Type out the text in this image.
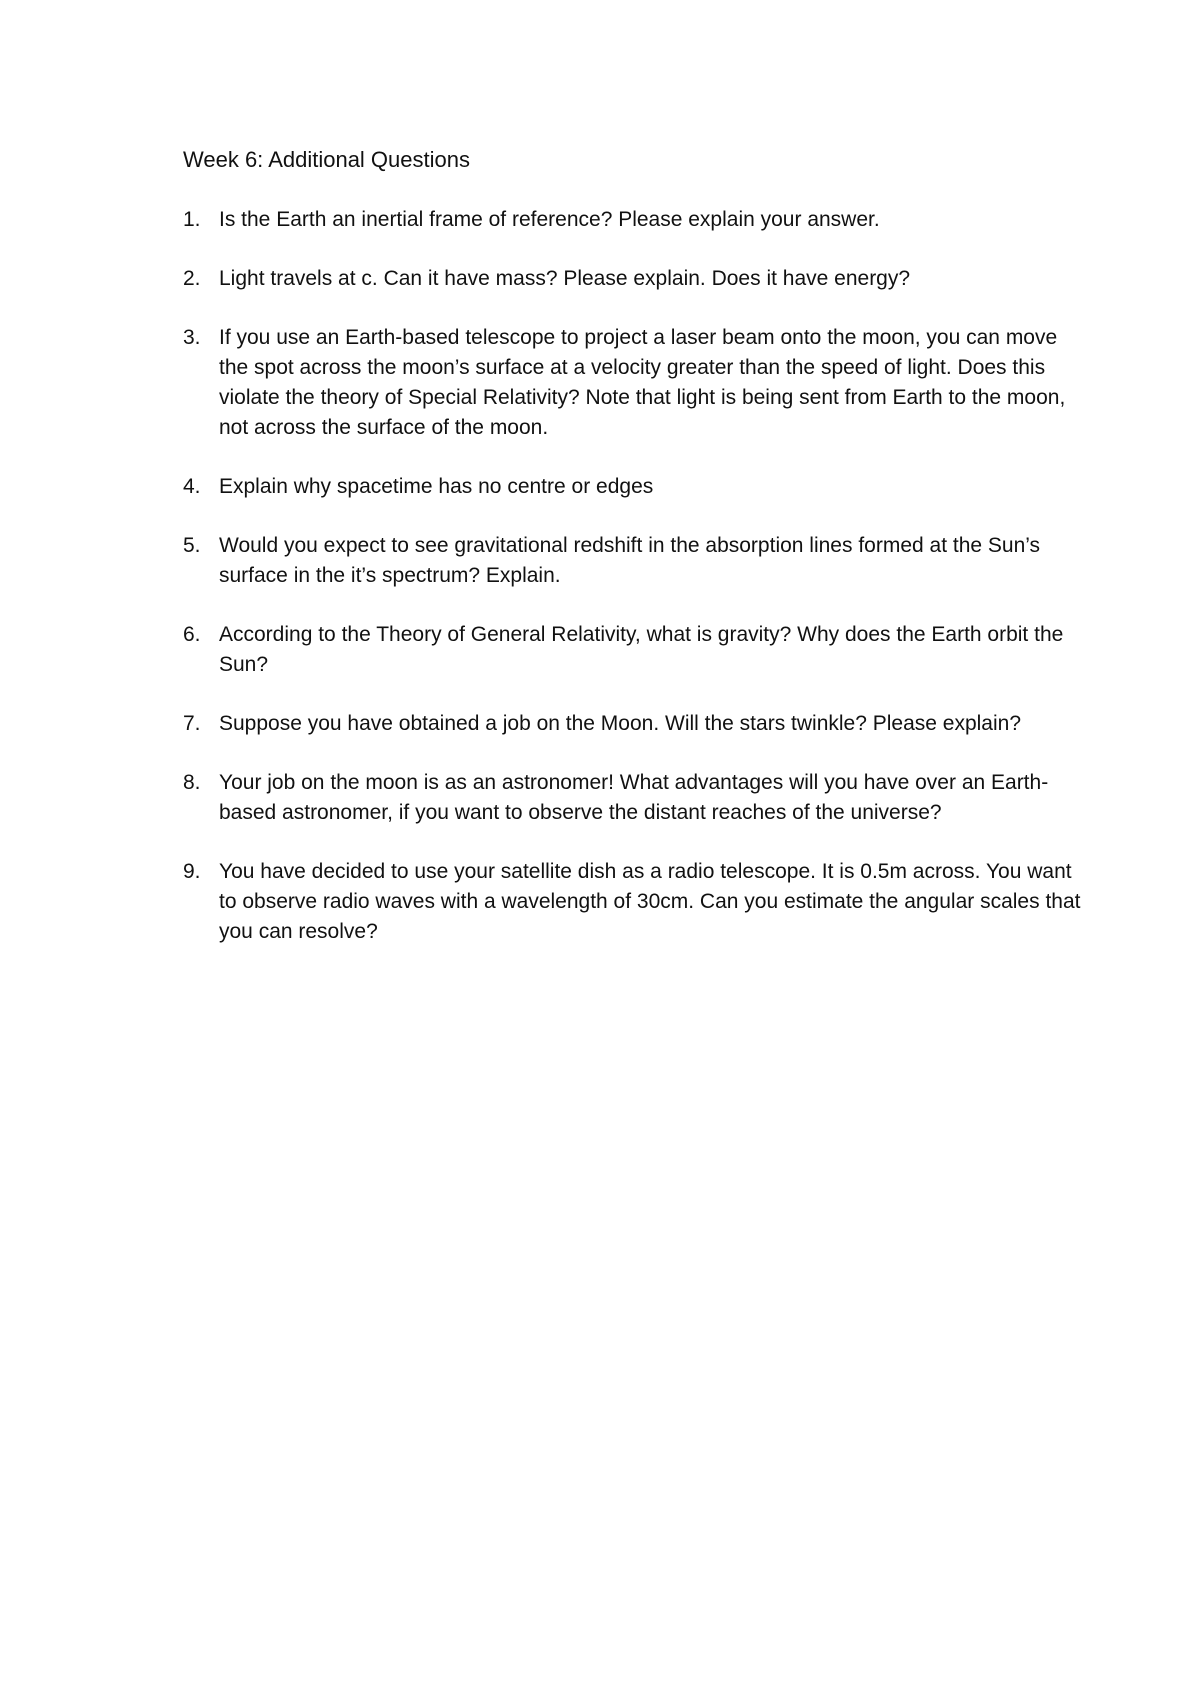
Week 6: Additional Questions
1. Is the Earth an inertial frame of reference? Please explain your answer.
2. Light travels at c. Can it have mass? Please explain. Does it have energy?
3. If you use an Earth-based telescope to project a laser beam onto the moon, you can move the spot across the moon’s surface at a velocity greater than the speed of light. Does this violate the theory of Special Relativity? Note that light is being sent from Earth to the moon, not across the surface of the moon.
4. Explain why spacetime has no centre or edges
5. Would you expect to see gravitational redshift in the absorption lines formed at the Sun’s surface in the it’s spectrum? Explain.
6. According to the Theory of General Relativity, what is gravity? Why does the Earth orbit the Sun?
7. Suppose you have obtained a job on the Moon. Will the stars twinkle? Please explain?
8. Your job on the moon is as an astronomer! What advantages will you have over an Earth-based astronomer, if you want to observe the distant reaches of the universe?
9. You have decided to use your satellite dish as a radio telescope. It is 0.5m across. You want to observe radio waves with a wavelength of 30cm. Can you estimate the angular scales that you can resolve?
